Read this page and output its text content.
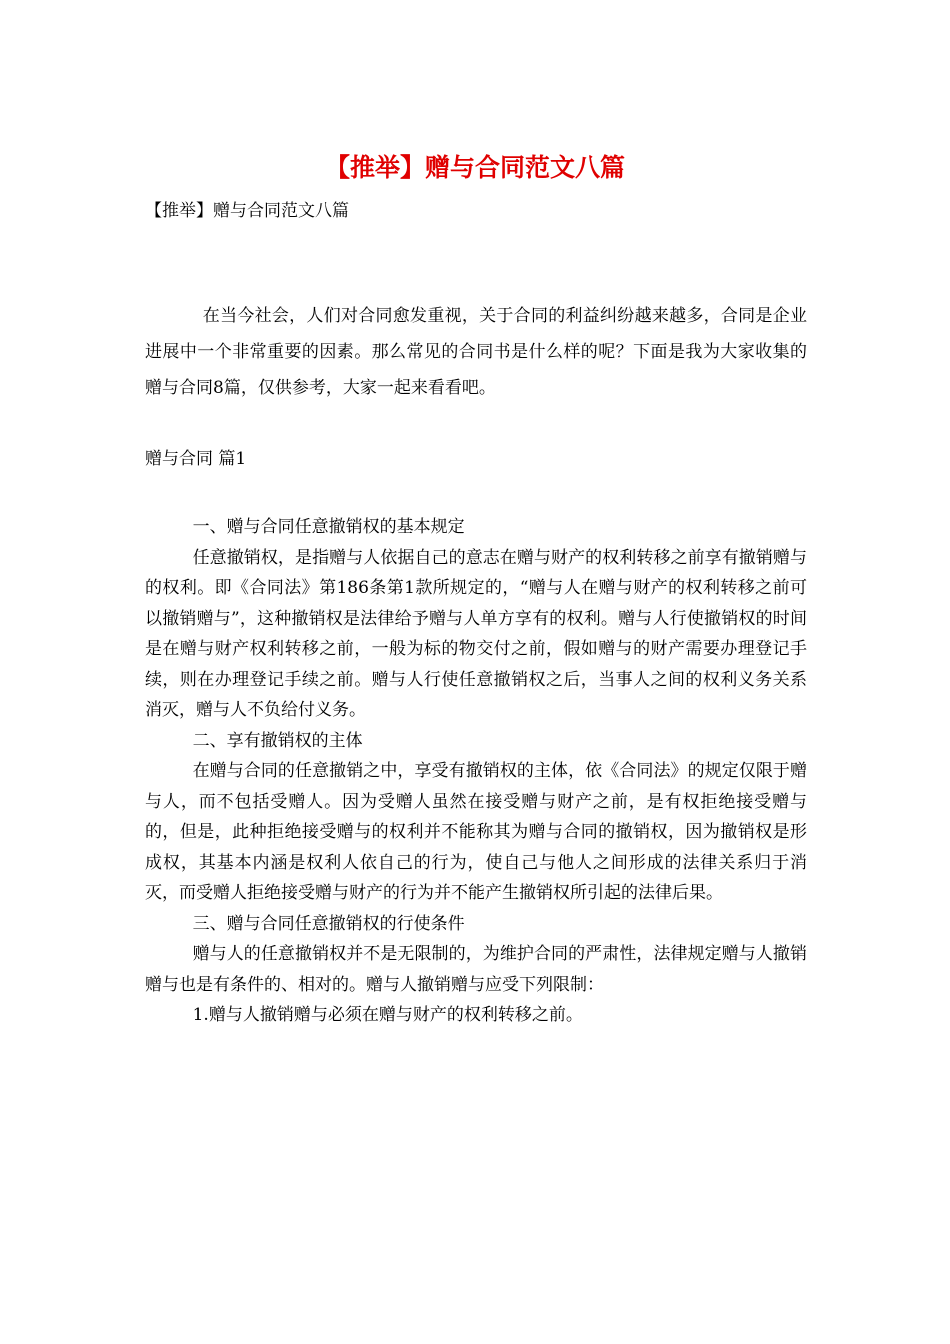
【推举】赠与合同范文八篇
【推举】赠与合同范文八篇

在当今社会，人们对合同愈发重视，关于合同的利益纠纷越来越多，合同是企业进展中一个非常重要的因素。那么常见的合同书是什么样的呢？下面是我为大家收集的赠与合同8篇，仅供参考，大家一起来看看吧。

赠与合同 篇1

一、赠与合同任意撤销权的基本规定

任意撤销权，是指赠与人依据自己的意志在赠与财产的权利转移之前享有撤销赠与的权利。即《合同法》第186条第1款所规定的，“赠与人在赠与财产的权利转移之前可以撤销赠与”，这种撤销权是法律给予赠与人单方享有的权利。赠与人行使撤销权的时间是在赠与财产权利转移之前，一般为标的物交付之前，假如赠与的财产需要办理登记手续，则在办理登记手续之前。赠与人行使任意撤销权之后，当事人之间的权利义务关系消灭，赠与人不负给付义务。

二、享有撤销权的主体

在赠与合同的任意撤销之中，享受有撤销权的主体，依《合同法》的规定仅限于赠与人，而不包括受赠人。因为受赠人虽然在接受赠与财产之前，是有权拒绝接受赠与的，但是，此种拒绝接受赠与的权利并不能称其为赠与合同的撤销权，因为撤销权是形成权，其基本内涵是权利人依自己的行为，使自己与他人之间形成的法律关系归于消灭，而受赠人拒绝接受赠与财产的行为并不能产生撤销权所引起的法律后果。

三、赠与合同任意撤销权的行使条件

赠与人的任意撤销权并不是无限制的，为维护合同的严肃性，法律规定赠与人撤销赠与也是有条件的、相对的。赠与人撤销赠与应受下列限制：

1.赠与人撤销赠与必须在赠与财产的权利转移之前。
